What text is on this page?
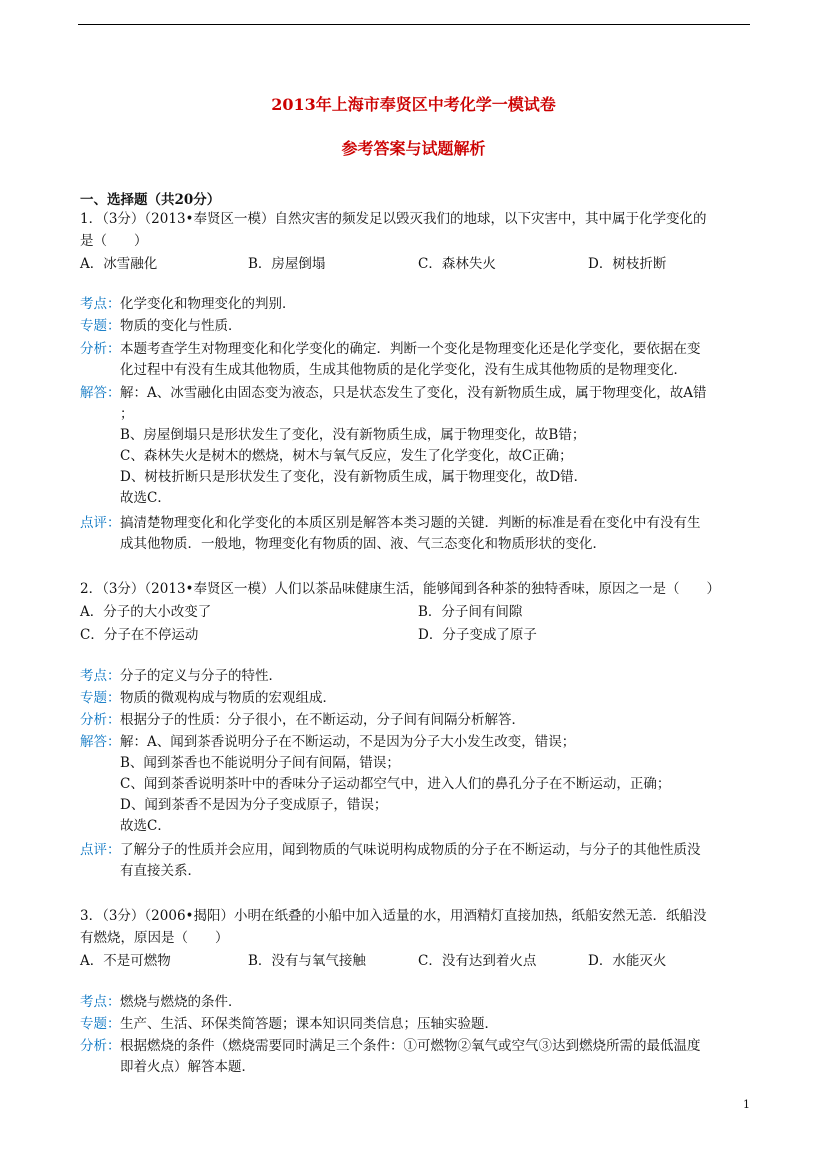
2013年上海市奉贤区中考化学一模试卷
参考答案与试题解析
一、选择题（共20分）
1．（3分）（2013•奉贤区一模）自然灾害的频发足以毁灭我们的地球，以下灾害中，其中属于化学变化的
是（　　）
A．冰雪融化	B．房屋倒塌	C．森林失火	D．树枝折断
考点： 化学变化和物理变化的判别．
专题： 物质的变化与性质．
分析： 本题考查学生对物理变化和化学变化的确定．判断一个变化是物理变化还是化学变化，要依据在变
化过程中有没有生成其他物质，生成其他物质的是化学变化，没有生成其他物质的是物理变化．
解答： 解：A、冰雪融化由固态变为液态，只是状态发生了变化，没有新物质生成，属于物理变化，故A错
；
B、房屋倒塌只是形状发生了变化，没有新物质生成，属于物理变化，故B错；
C、森林失火是树木的燃烧，树木与氧气反应，发生了化学变化，故C正确；
D、树枝折断只是形状发生了变化，没有新物质生成，属于物理变化，故D错．
故选C．
点评： 搞清楚物理变化和化学变化的本质区别是解答本类习题的关键．判断的标准是看在变化中有没有生
成其他物质．一般地，物理变化有物质的固、液、气三态变化和物质形状的变化．
2．（3分）（2013•奉贤区一模）人们以茶品味健康生活，能够闻到各种茶的独特香味，原因之一是（　　）
A．分子的大小改变了	B．分子间有间隙
C．分子在不停运动	D．分子变成了原子
考点： 分子的定义与分子的特性．
专题： 物质的微观构成与物质的宏观组成．
分析： 根据分子的性质：分子很小，在不断运动，分子间有间隔分析解答．
解答： 解：A、闻到茶香说明分子在不断运动，不是因为分子大小发生改变，错误；
B、闻到茶香也不能说明分子间有间隔，错误；
C、闻到茶香说明茶叶中的香味分子运动都空气中，进入人们的鼻孔分子在不断运动，正确；
D、闻到茶香不是因为分子变成原子，错误；
故选C．
点评： 了解分子的性质并会应用，闻到物质的气味说明构成物质的分子在不断运动，与分子的其他性质没
有直接关系．
3．（3分）（2006•揭阳）小明在纸叠的小船中加入适量的水，用酒精灯直接加热，纸船安然无恙．纸船没
有燃烧，原因是（　　）
A．不是可燃物	B．没有与氧气接触	C．没有达到着火点	D．水能灭火
考点： 燃烧与燃烧的条件．
专题： 生产、生活、环保类简答题；课本知识同类信息；压轴实验题．
分析： 根据燃烧的条件（燃烧需要同时满足三个条件：①可燃物②氧气或空气③达到燃烧所需的最低温度
即着火点）解答本题．
1
